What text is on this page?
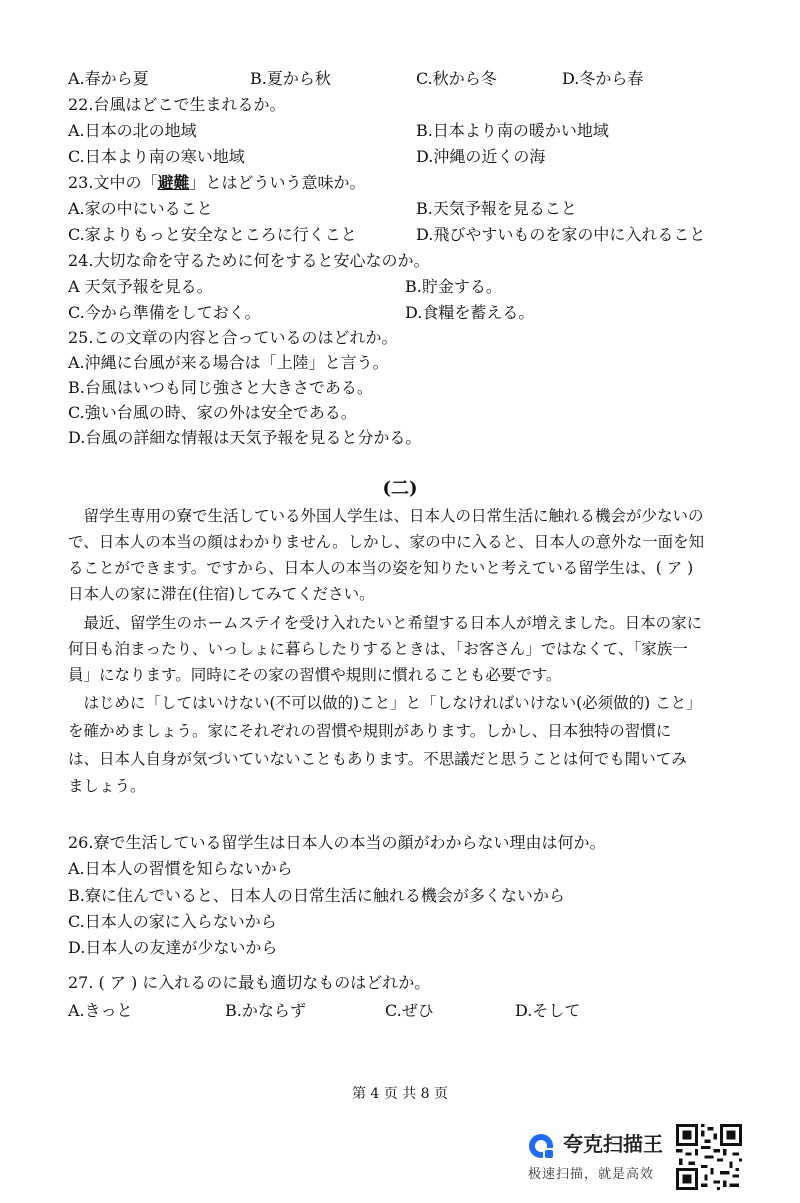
A.春から夏	B.夏から秋	C.秋から冬	D.冬から春
22.台風はどこで生まれるか。
A.日本の北の地域	B.日本より南の暖かい地域
C.日本より南の寒い地域	D.沖縄の近くの海
23.文中の「避難」とはどういう意味か。
A.家の中にいること	B.天気予報を見ること
C.家よりもっと安全なところに行くこと	D.飛びやすいものを家の中に入れること
24.大切な命を守るために何をすると安心なのか。
A 天気予報を見る。	B.貯金する。
C.今から準備をしておく。	D.食糧を蓄える。
25.この文章の内容と合っているのはどれか。
A.沖縄に台風が来る場合は「上陸」と言う。
B.台風はいつも同じ強さと大きさである。
C.強い台風の時、家の外は安全である。
D.台風の詳細な情報は天気予報を見ると分かる。
(二)
留学生専用の寮で生活している外国人学生は、日本人の日常生活に触れる機会が少ないの
で、日本人の本当の顔はわかりません。しかし、家の中に入ると、日本人の意外な一面を知
ることができます。ですから、日本人の本当の姿を知りたいと考えている留学生は、( ア )
日本人の家に滞在(住宿)してみてください。
最近、留学生のホームステイを受け入れたいと希望する日本人が増えました。日本の家に
何日も泊まったり、いっしょに暮らしたりするときは、「お客さん」ではなくて、「家族一
員」になります。同時にその家の習慣や規則に慣れることも必要です。
はじめに「してはいけない(不可以做的)こと」と「しなければいけない(必须做的) こと」
を確かめましょう。家にそれぞれの習慣や規則があります。しかし、日本独特の習慣に
は、日本人自身が気づいていないこともあります。不思議だと思うことは何でも聞いてみ
ましょう。
26.寮で生活している留学生は日本人の本当の顔がわからない理由は何か。
A.日本人の習慣を知らないから
B.寮に住んでいると、日本人の日常生活に触れる機会が多くないから
C.日本人の家に入らないから
D.日本人の友達が少ないから
27. ( ア ) に入れるのに最も適切なものはどれか。
A.きっと	B.かならず	C.ぜひ	D.そして
第 4 页 共 8 页
夸克扫描王
极速扫描，就是高效
